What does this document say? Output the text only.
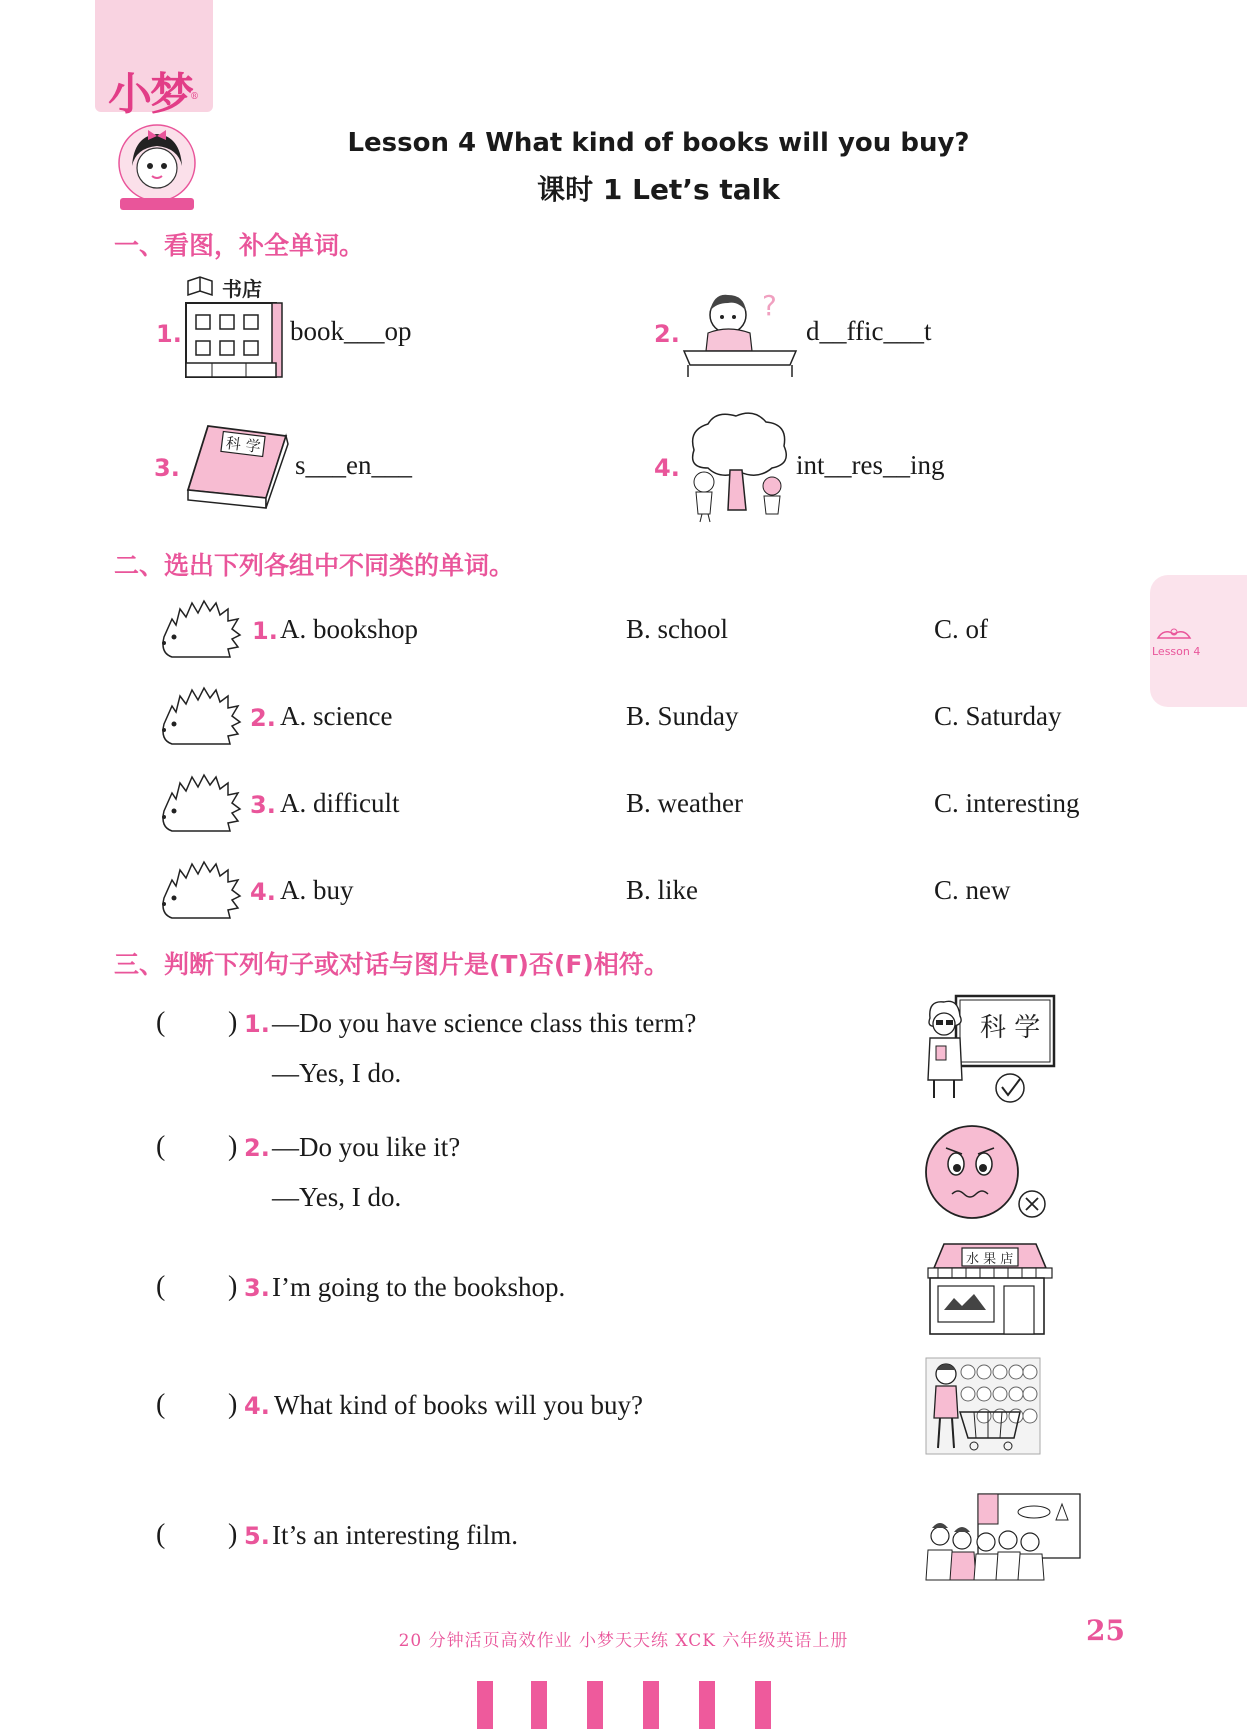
小梦
®
Lesson 4 What kind of books will you buy?
课时 1 Let’s talk
一、看图，补全单词。
1.
书店
book___op	2.
?
d__ffic___t
3.
科 学
s___en___	4.	int__res__ing
二、选出下列各组中不同类的单词。
1. A. bookshop	B. school	C. of
2. A. science	B. Sunday	C. Saturday
3. A. difficult	B. weather	C. interesting
4. A. buy	B. like	C. new
Lesson 4
三、判断下列句子或对话与图片是(T)否(F)相符。
( ) 1. —Do you have science class this term?
—Yes, I do.
科 学
( ) 2. —Do you like it?
—Yes, I do.
( ) 3. I’m going to the bookshop.
水 果 店
( ) 4. What kind of books will you buy?
( ) 5. It’s an interesting film.
20 分钟活页高效作业 小梦天天练 XCK 六年级英语上册	25
